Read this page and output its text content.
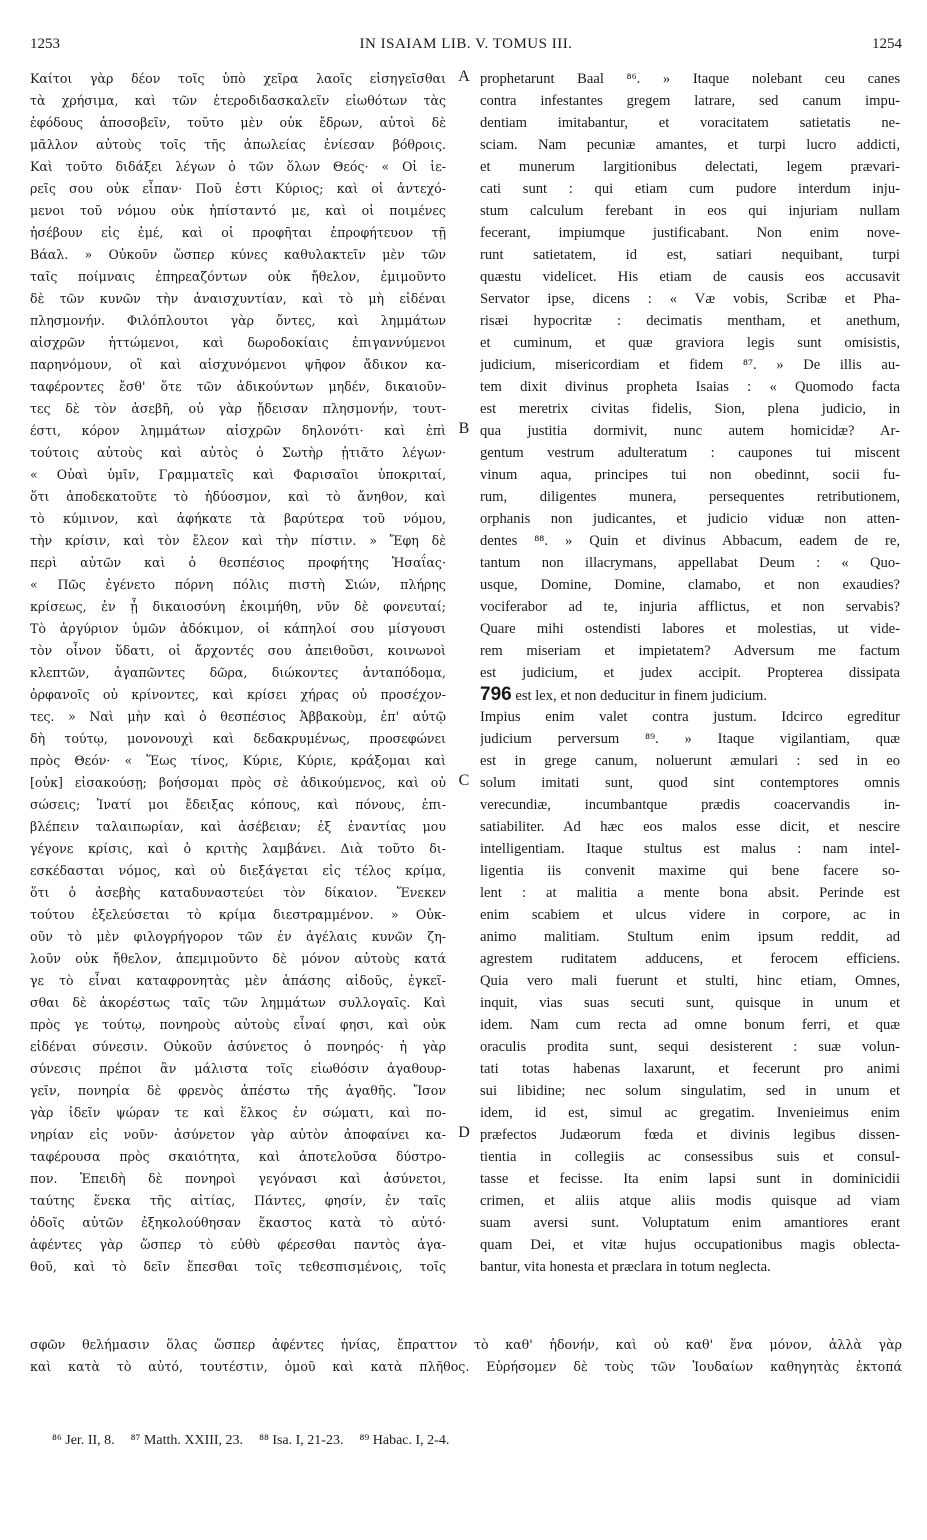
1253	IN ISAIAM LIB. V. TOMUS III.	1254
Καίτοι γὰρ δέον τοῖς ὑπὸ χεῖρα λαοῖς εἰσηγεῖσθαι
τὰ χρήσιμα, καὶ τῶν ἑτεροδιδασκαλεῖν εἰωθότων τὰς
ἐφόδους ἀποσοβεῖν, τοῦτο μὲν οὐκ ἔδρων, αὐτοὶ δὲ
μᾶλλον αὐτοὺς τοῖς τῆς ἀπωλείας ἐνίεσαν βόθροις.
Καὶ τοῦτο διδάξει λέγων ὁ τῶν ὅλων Θεός· « Οἱ ἱε-
ρεῖς σου οὐκ εἶπαν· Ποῦ ἐστι Κύριος; καὶ οἱ ἀντεχό-
μενοι τοῦ νόμου οὐκ ἠπίσταντό με, καὶ οἱ ποιμένες
ἠσέβουν εἰς ἐμέ, καὶ οἱ προφῆται ἐπροφήτευον τῇ
Βάαλ. » Οὐκοῦν ὥσπερ κύνες καθυλακτεῖν μὲν τῶν
ταῖς ποίμναις ἐπηρεαζόντων οὐκ ἤθελον, ἐμιμοῦντο
δὲ τῶν κυνῶν τὴν ἀναισχυντίαν, καὶ τὸ μὴ εἰδέναι
πλησμονήν. Φιλόπλουτοι γὰρ ὄντες, καὶ λημμάτων
αἰσχρῶν ἡττώμενοι, καὶ δωροδοκίαις ἐπιγαννύμενοι
παρηνόμουν, οἳ καὶ αἰσχυνόμενοι ψῆφον ἄδικον κα-
ταφέροντες ἔσθ' ὅτε τῶν ἀδικούντων μηδέν, δικαιοῦν-
τες δὲ τὸν ἀσεβῆ, οὐ γὰρ ᾔδεισαν πλησμονήν, τουτ-
έστι, κόρον λημμάτων αἰσχρῶν δηλονότι· καὶ ἐπὶ
τούτοις αὐτοὺς καὶ αὐτὸς ὁ Σωτὴρ ᾐτιᾶτο λέγων·
« Οὐαὶ ὑμῖν, Γραμματεῖς καὶ Φαρισαῖοι ὑποκριταί,
ὅτι ἀποδεκατοῦτε τὸ ἡδύοσμον, καὶ τὸ ἄνηθον, καὶ
τὸ κύμινον, καὶ ἀφήκατε τὰ βαρύτερα τοῦ νόμου,
τὴν κρίσιν, καὶ τὸν ἔλεον καὶ τὴν πίστιν. » Ἔφη δὲ
περὶ αὐτῶν καὶ ὁ θεσπέσιος προφήτης Ἡσαΐας·
« Πῶς ἐγένετο πόρνη πόλις πιστὴ Σιών, πλήρης
κρίσεως, ἐν ᾗ δικαιοσύνη ἐκοιμήθη, νῦν δὲ φονευταί;
Τὸ ἀργύριον ὑμῶν ἀδόκιμον, οἱ κάπηλοί σου μίσγουσι
τὸν οἶνον ὕδατι, οἱ ἄρχοντές σου ἀπειθοῦσι, κοινωνοὶ
κλεπτῶν, ἀγαπῶντες δῶρα, διώκοντες ἀνταπόδομα,
ὀρφανοῖς οὐ κρίνοντες, καὶ κρίσει χήρας οὐ προσέχον-
τες. » Ναὶ μὴν καὶ ὁ θεσπέσιος Ἀββακοὺμ, ἐπ' αὐτῷ
δὴ τούτῳ, μονονουχὶ καὶ δεδακρυμένως, προσεφώνει
πρὸς Θεόν· « Ἕως τίνος, Κύριε, Κύριε, κράξομαι καὶ
[οὐκ] εἰσακούσῃ; βοήσομαι πρὸς σὲ ἀδικούμενος, καὶ οὐ
σώσεις; Ἱνατί μοι ἔδειξας κόπους, καὶ πόνους, ἐπι-
βλέπειν ταλαιπωρίαν, καὶ ἀσέβειαν; ἐξ ἐναντίας μου
γέγονε κρίσις, καὶ ὁ κριτὴς λαμβάνει. Διὰ τοῦτο δι-
εσκέδασται νόμος, καὶ οὐ διεξάγεται εἰς τέλος κρίμα,
ὅτι ὁ ἀσεβὴς καταδυναστεύει τὸν δίκαιον. Ἕνεκεν
τούτου ἐξελεύσεται τὸ κρίμα διεστραμμένον. » Οὐκ-
οῦν τὸ μὲν φιλογρήγορον τῶν ἐν ἀγέλαις κυνῶν ζη-
λοῦν οὐκ ἤθελον, ἀπεμιμοῦντο δὲ μόνον αὐτοὺς κατά
γε τὸ εἶναι καταφρονητὰς μὲν ἁπάσης αἰδοῦς, ἐγκεῖ-
σθαι δὲ ἀκορέστως ταῖς τῶν λημμάτων συλλογαῖς. Καὶ
πρὸς γε τούτῳ, πονηροὺς αὐτοὺς εἶναί φησι, καὶ οὐκ
εἰδέναι σύνεσιν. Οὐκοῦν ἀσύνετος ὁ πονηρός· ἡ γὰρ
σύνεσις πρέποι ἂν μάλιστα τοῖς εἰωθόσιν ἀγαθουρ-
γεῖν, πονηρία δὲ φρενὸς ἀπέστω τῆς ἀγαθῆς. Ἴσον
γὰρ ἰδεῖν ψώραν τε καὶ ἕλκος ἐν σώματι, καὶ πο-
νηρίαν εἰς νοῦν· ἀσύνετον γὰρ αὐτὸν ἀποφαίνει κα-
ταφέρουσα πρὸς σκαιότητα, καὶ ἀποτελοῦσα δύστρο-
πον. Ἐπειδὴ δὲ πονηροὶ γεγόνασι καὶ ἀσύνετοι,
ταύτης ἕνεκα τῆς αἰτίας, Πάντες, φησίν, ἐν ταῖς
ὁδοῖς αὐτῶν ἐξηκολούθησαν ἕκαστος κατὰ τὸ αὐτό·
ἀφέντες γὰρ ὥσπερ τὸ εὐθὺ φέρεσθαι παντὸς ἀγα-
θοῦ, καὶ τὸ δεῖν ἕπεσθαι τοῖς τεθεσπισμένοις, τοῖς
prophetarunt Baal ⁸⁶. » Itaque nolebant ceu canes
contra infestantes gregem latrare, sed canum impu-
dentiam imitabantur, et voracitatem satietatis ne-
sciam. Nam pecuniæ amantes, et turpi lucro addicti,
et munerum largitionibus delectati, legem prævari-
cati sunt : qui etiam cum pudore interdum inju-
stum calculum ferebant in eos qui injuriam nullam
fecerant, impiumque justificabant. Non enim nove-
runt satietatem, id est, satiari nequibant, turpi
quæstu videlicet. His etiam de causis eos accusavit
Servator ipse, dicens : « Væ vobis, Scribæ et Pha-
risæi hypocritæ : decimatis mentham, et anethum,
et cuminum, et quæ graviora legis sunt omisistis,
judicium, misericordiam et fidem ⁸⁷. » De illis au-
tem dixit divinus propheta Isaias : « Quomodo facta
est meretrix civitas fidelis, Sion, plena judicio, in
qua justitia dormivit, nunc autem homicidæ? Ar-
gentum vestrum adulteratum : caupones tui miscent
vinum aqua, principes tui non obedinnt, socii fu-
rum, diligentes munera, persequentes retributionem,
orphanis non judicantes, et judicio viduæ non atten-
dentes ⁸⁸. » Quin et divinus Abbacum, eadem de re,
tantum non illacrymans, appellabat Deum : « Quo-
usque, Domine, Domine, clamabo, et non exaudies?
vociferabor ad te, injuria afflictus, et non servabis?
Quare mihi ostendisti labores et molestias, ut vide-
rem miseriam et impietatem? Adversum me factum
est judicium, et judex accipit. Propterea dissipata
796 est lex, et non deducitur in finem judicium.
Impius enim valet contra justum. Idcirco egreditur
judicium perversum ⁸⁹. » Itaque vigilantiam, quæ
est in grege canum, noluerunt æmulari : sed in eo
solum imitati sunt, quod sint contemptores omnis
verecundiæ, incumbantque prædis coacervandis in-
satiabiliter. Ad hæc eos malos esse dicit, et nescire
intelligentiam. Itaque stultus est malus : nam intel-
ligentia iis convenit maxime qui bene facere so-
lent : at malitia a mente bona absit. Perinde est
enim scabiem et ulcus videre in corpore, ac in
animo malitiam. Stultum enim ipsum reddit, ad
agrestem ruditatem adducens, et ferocem efficiens.
Quia vero mali fuerunt et stulti, hinc etiam, Omnes,
inquit, vias suas secuti sunt, quisque in unum et
idem. Nam cum recta ad omne bonum ferri, et quæ
oraculis prodita sunt, sequi desisterent : suæ volun-
tati totas habenas laxarunt, et fecerunt pro animi
sui libidine; nec solum singulatim, sed in unum et
idem, id est, simul ac gregatim. Invenieimus enim
præfectos Judæorum fœda et divinis legibus dissen-
tientia in collegiis ac consessibus suis et consul-
tasse et fecisse. Ita enim lapsi sunt in dominicidii
crimen, et aliis atque aliis modis quisque ad viam
suam aversi sunt. Voluptatum enim amantiores erant
quam Dei, et vitæ hujus occupationibus magis oblecta-
bantur, vita honesta et præclara in totum neglecta.
A
B
C
D
σφῶν θελήμασιν ὅλας ὥσπερ ἀφέντες ἡνίας, ἔπραττον τὸ καθ' ἡδονήν, καὶ οὐ καθ' ἕνα μόνον, ἀλλὰ γὰρ
καὶ κατὰ τὸ αὐτό, τουτέστιν, ὁμοῦ καὶ κατὰ πλῆθος. Εὑρήσομεν δὲ τοὺς τῶν Ἰουδαίων καθηγητὰς ἐκτοπά
⁸⁶ Jer. II, 8. ⁸⁷ Matth. XXIII, 23. ⁸⁸ Isa. I, 21-23. ⁸⁹ Habac. I, 2-4.
